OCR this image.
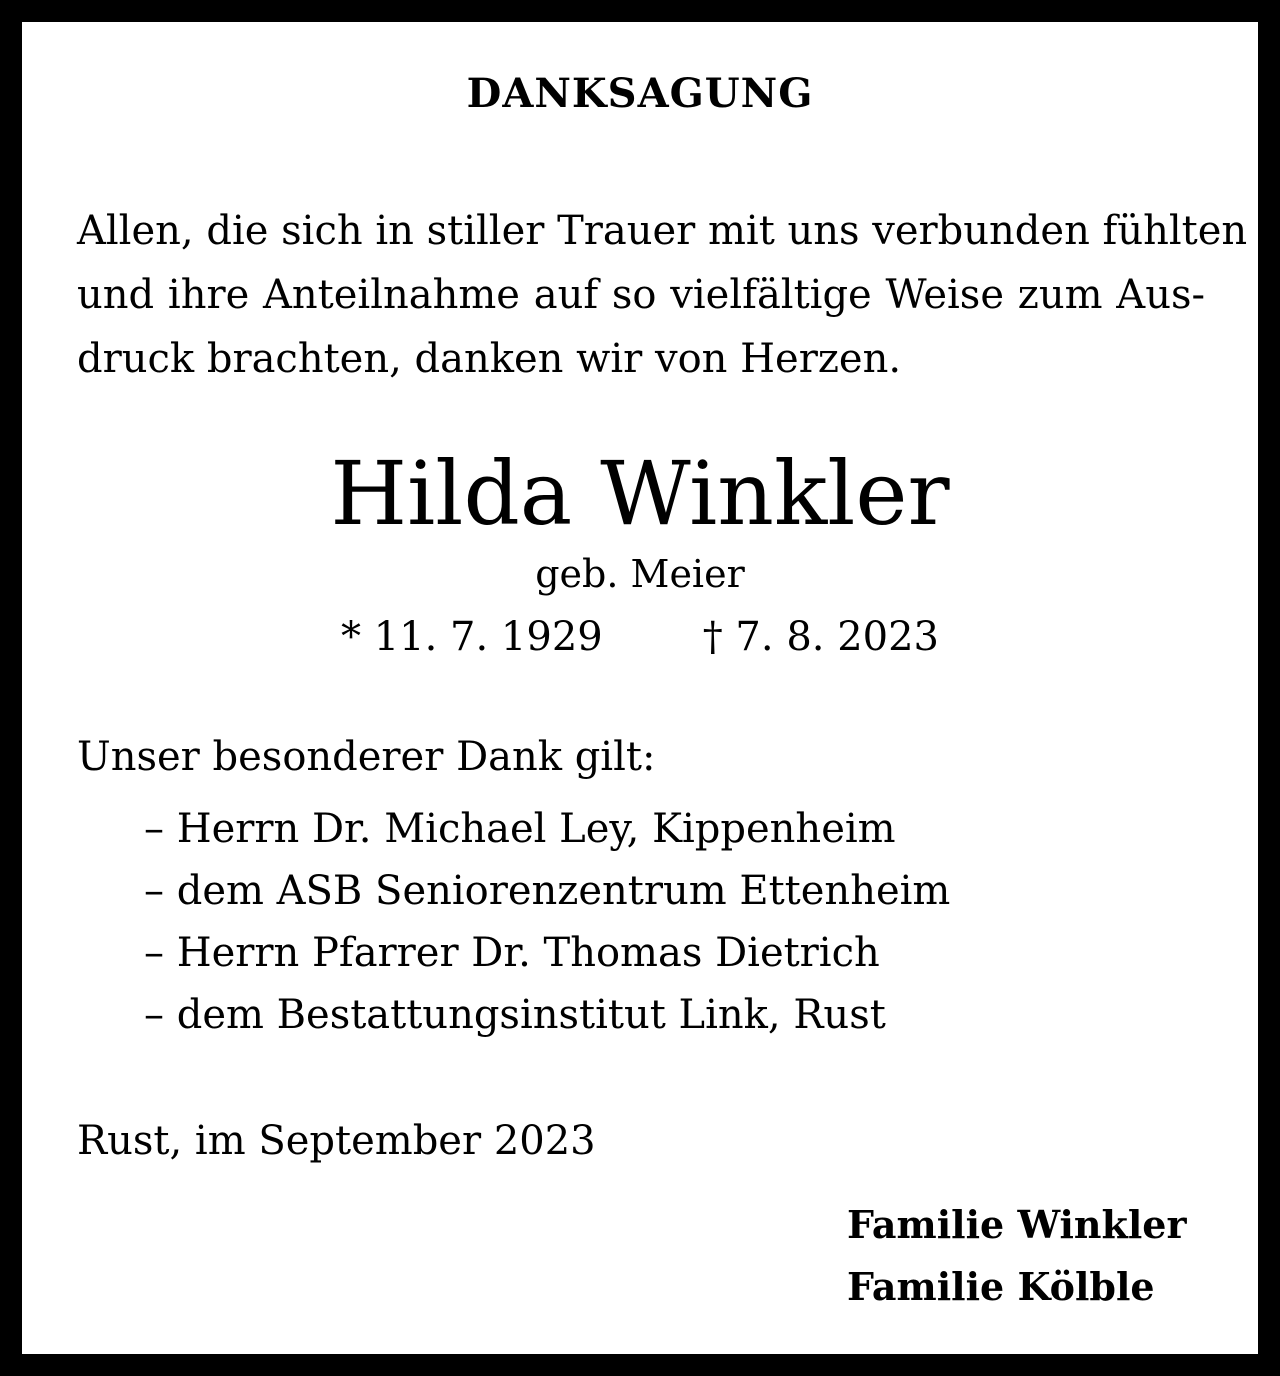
DANKSAGUNG

Allen, die sich in stiller Trauer mit uns verbunden fühlten
und ihre Anteilnahme auf so vielfältige Weise zum Aus-
druck brachten, danken wir von Herzen.

Hilda Winkler
geb. Meier
* 11. 7. 1929	† 7. 8. 2023
Unser besonderer Dank gilt:
– Herrn Dr. Michael Ley, Kippenheim
– dem ASB Seniorenzentrum Ettenheim
– Herrn Pfarrer Dr. Thomas Dietrich
– dem Bestattungsinstitut Link, Rust
Rust, im September 2023
Familie Winkler
Familie Kölble
